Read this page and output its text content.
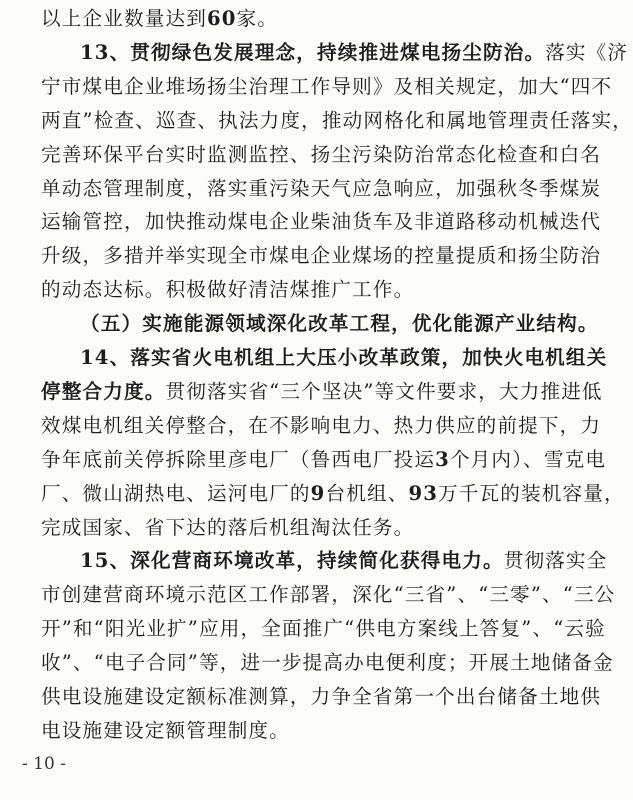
以上企业数量达到60家。
13、贯彻绿色发展理念，持续推进煤电扬尘防治。落实《济
宁市煤电企业堆场扬尘治理工作导则》及相关规定，加大“四不
两直”检查、巡查、执法力度，推动网格化和属地管理责任落实，
完善环保平台实时监测监控、扬尘污染防治常态化检查和白名
单动态管理制度，落实重污染天气应急响应，加强秋冬季煤炭
运输管控，加快推动煤电企业柴油货车及非道路移动机械迭代
升级，多措并举实现全市煤电企业煤场的控量提质和扬尘防治
的动态达标。积极做好清洁煤推广工作。
（五）实施能源领域深化改革工程，优化能源产业结构。
14、落实省火电机组上大压小改革政策，加快火电机组关
停整合力度。贯彻落实省“三个坚决”等文件要求，大力推进低
效煤电机组关停整合，在不影响电力、热力供应的前提下，力
争年底前关停拆除里彦电厂（鲁西电厂投运3个月内）、雪克电
厂、微山湖热电、运河电厂的9台机组、93万千瓦的装机容量，
完成国家、省下达的落后机组淘汰任务。
15、深化营商环境改革，持续简化获得电力。贯彻落实全
市创建营商环境示范区工作部署，深化“三省”、“三零”、“三公
开”和“阳光业扩”应用，全面推广“供电方案线上答复”、“云验
收”、“电子合同”等，进一步提高办电便利度；开展土地储备金
供电设施建设定额标准测算，力争全省第一个出台储备土地供
电设施建设定额管理制度。
- 10 -
